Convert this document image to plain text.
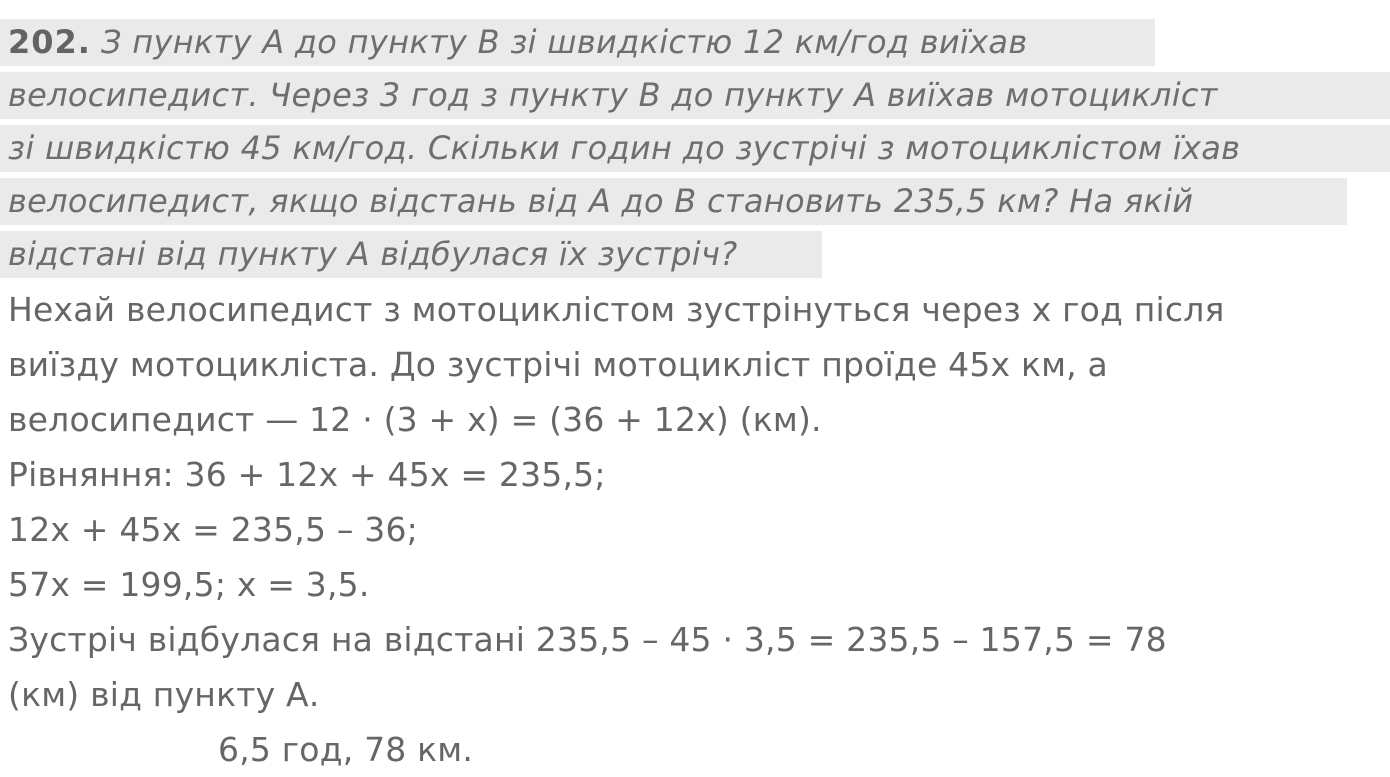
202. З пункту А до пункту В зі швидкістю 12 км/год виїхав
велосипедист. Через 3 год з пункту В до пункту А виїхав мотоцикліст
зі швидкістю 45 км/год. Скільки годин до зустрічі з мотоциклістом їхав
велосипедист, якщо відстань від А до В становить 235,5 км? На якій
відстані від пункту А відбулася їх зустріч?
Нехай велосипедист з мотоциклістом зустрінуться через x год після
виїзду мотоцикліста. До зустрічі мотоцикліст проїде 45x км, а
велосипедист — 12 · (3 + x) = (36 + 12x) (км).
Рівняння: 36 + 12x + 45x = 235,5;
12x + 45x = 235,5 – 36;
57x = 199,5; x = 3,5.
Зустріч відбулася на відстані 235,5 – 45 · 3,5 = 235,5 – 157,5 = 78
(км) від пункту А.
6,5 год, 78 км.
